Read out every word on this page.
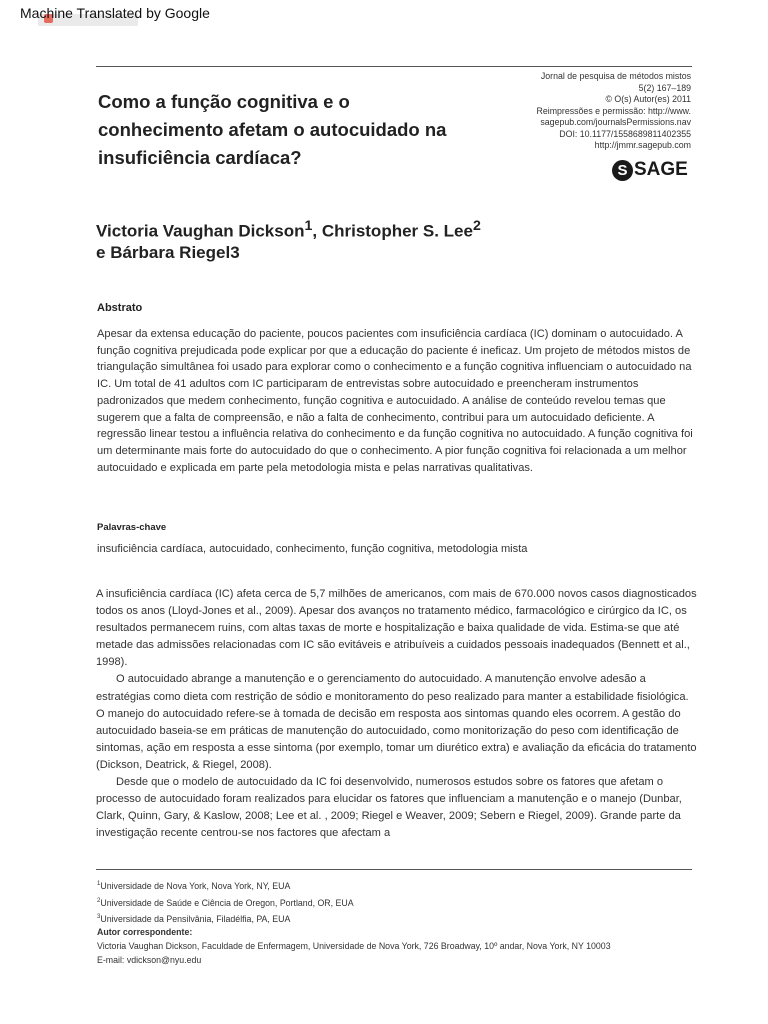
Machine Translated by Google
Como a função cognitiva e o conhecimento afetam o autocuidado na insuficiência cardíaca?
Jornal de pesquisa de métodos mistos
5(2) 167–189
© O(s) Autor(es) 2011
Reimpressões e permissão: http://www.
sagepub.com/journalsPermissions.nav
DOI: 10.1177/1558689811402355
http://jmmr.sagepub.com
S SAGE
Victoria Vaughan Dickson$^1$, Christopher S. Lee$^2$
e Bárbara Riegel3
Abstrato
Apesar da extensa educação do paciente, poucos pacientes com insuficiência cardíaca (IC) dominam o autocuidado. A função cognitiva prejudicada pode explicar por que a educação do paciente é ineficaz. Um projeto de métodos mistos de triangulação simultânea foi usado para explorar como o conhecimento e a função cognitiva influenciam o autocuidado na IC. Um total de 41 adultos com IC participaram de entrevistas sobre autocuidado e preencheram instrumentos padronizados que medem conhecimento, função cognitiva e autocuidado. A análise de conteúdo revelou temas que sugerem que a falta de compreensão, e não a falta de conhecimento, contribui para um autocuidado deficiente. A regressão linear testou a influência relativa do conhecimento e da função cognitiva no autocuidado. A função cognitiva foi um determinante mais forte do autocuidado do que o conhecimento. A pior função cognitiva foi relacionada a um melhor autocuidado e explicada em parte pela metodologia mista e pelas narrativas qualitativas.
Palavras-chave
insuficiência cardíaca, autocuidado, conhecimento, função cognitiva, metodologia mista

A insuficiência cardíaca (IC) afeta cerca de 5,7 milhões de americanos, com mais de 670.000 novos casos diagnosticados todos os anos (Lloyd-Jones et al., 2009). Apesar dos avanços no tratamento médico, farmacológico e cirúrgico da IC, os resultados permanecem ruins, com altas taxas de morte e hospitalização e baixa qualidade de vida. Estima-se que até metade das admissões relacionadas com IC são evitáveis e atribuíveis a cuidados pessoais inadequados (Bennett et al., 1998).

O autocuidado abrange a manutenção e o gerenciamento do autocuidado. A manutenção envolve adesão a estratégias como dieta com restrição de sódio e monitoramento do peso realizado para manter a estabilidade fisiológica. O manejo do autocuidado refere-se à tomada de decisão em resposta aos sintomas quando eles ocorrem. A gestão do autocuidado baseia-se em práticas de manutenção do autocuidado, como monitorização do peso com identificação de sintomas, ação em resposta a esse sintoma (por exemplo, tomar um diurético extra) e avaliação da eficácia do tratamento (Dickson, Deatrick, & Riegel, 2008).

Desde que o modelo de autocuidado da IC foi desenvolvido, numerosos estudos sobre os fatores que afetam o processo de autocuidado foram realizados para elucidar os fatores que influenciam a manutenção e o manejo (Dunbar, Clark, Quinn, Gary, & Kaslow, 2008; Lee et al. , 2009; Riegel e Weaver, 2009; Sebern e Riegel, 2009). Grande parte da investigação recente centrou-se nos factores que afectam a

$^1$Universidade de Nova York, Nova York, NY, EUA
$^2$Universidade de Saúde e Ciência de Oregon, Portland, OR, EUA
$^3$Universidade da Pensilvânia, Filadélfia, PA, EUA
Autor correspondente:
Victoria Vaughan Dickson, Faculdade de Enfermagem, Universidade de Nova York, 726 Broadway, 10º andar, Nova York, NY 10003
E-mail: vdickson@nyu.edu
